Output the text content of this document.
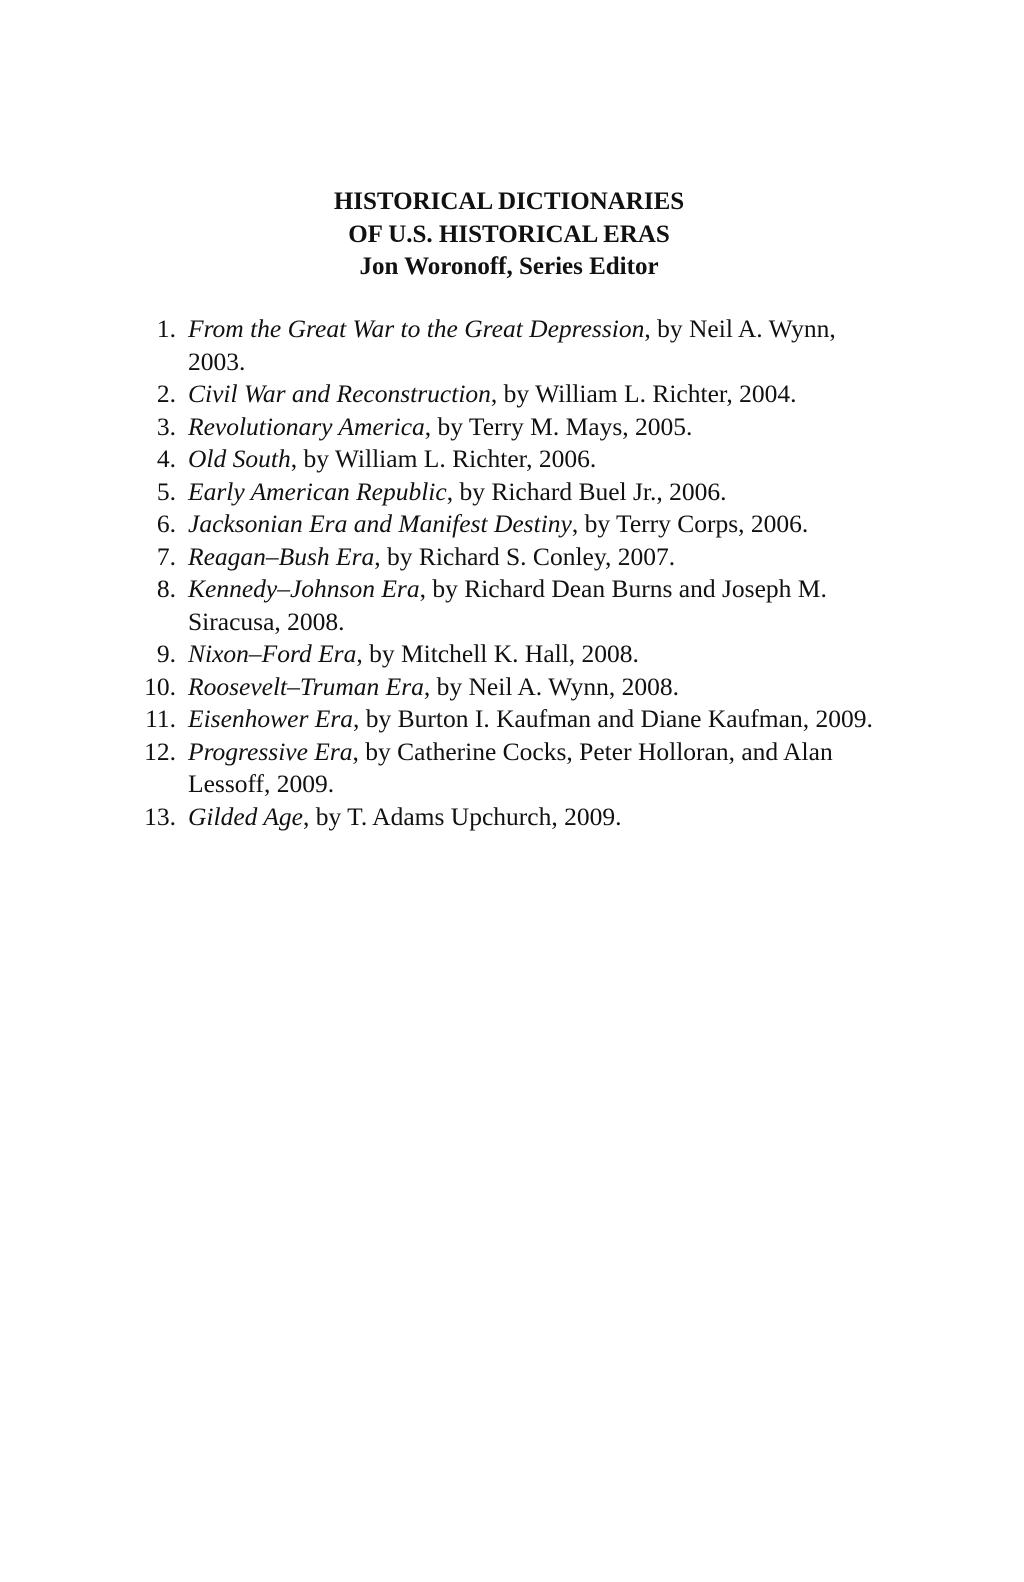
HISTORICAL DICTIONARIES
OF U.S. HISTORICAL ERAS
Jon Woronoff, Series Editor
1. From the Great War to the Great Depression, by Neil A. Wynn, 2003.
2. Civil War and Reconstruction, by William L. Richter, 2004.
3. Revolutionary America, by Terry M. Mays, 2005.
4. Old South, by William L. Richter, 2006.
5. Early American Republic, by Richard Buel Jr., 2006.
6. Jacksonian Era and Manifest Destiny, by Terry Corps, 2006.
7. Reagan–Bush Era, by Richard S. Conley, 2007.
8. Kennedy–Johnson Era, by Richard Dean Burns and Joseph M. Siracusa, 2008.
9. Nixon–Ford Era, by Mitchell K. Hall, 2008.
10. Roosevelt–Truman Era, by Neil A. Wynn, 2008.
11. Eisenhower Era, by Burton I. Kaufman and Diane Kaufman, 2009.
12. Progressive Era, by Catherine Cocks, Peter Holloran, and Alan Lessoff, 2009.
13. Gilded Age, by T. Adams Upchurch, 2009.
